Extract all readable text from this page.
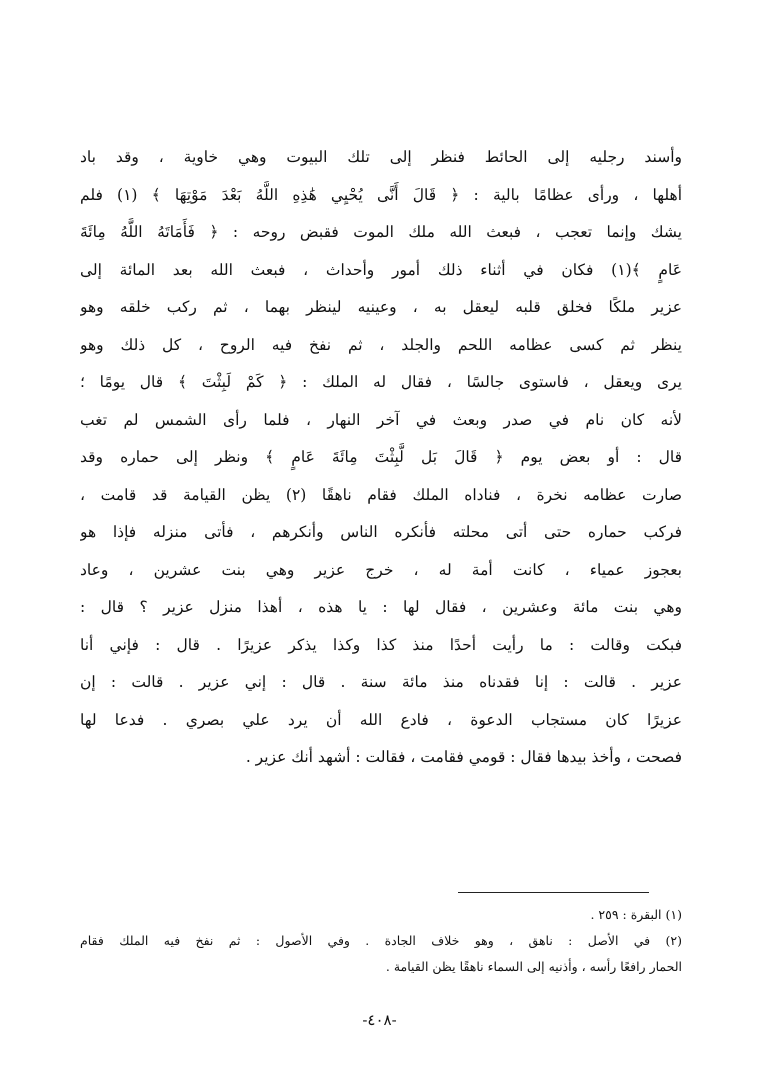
وأسند رجليه إلى الحائط فنظر إلى تلك البيوت وهي خاوية ، وقد باد
أهلها ، ورأى عظامًا بالية : ﴿ قَالَ أَنَّى يُحْيِي هَٰذِهِ اللَّهُ بَعْدَ مَوْتِهَا ﴾ (١) فلم
يشك وإنما تعجب ، فبعث الله ملك الموت فقبض روحه : ﴿ فَأَمَاتَهُ اللَّهُ مِائَةَ
عَامٍ ﴾(١) فكان في أثناء ذلك أمور وأحداث ، فبعث الله بعد المائة إلى
عزير ملكًا فخلق قلبه ليعقل به ، وعينيه لينظر بهما ، ثم ركب خلقه وهو
ينظر ثم كسى عظامه اللحم والجلد ، ثم نفخ فيه الروح ، كل ذلك وهو
يرى ويعقل ، فاستوى جالسًا ، فقال له الملك : ﴿ كَمْ لَبِثْتَ ﴾ قال يومًا ؛
لأنه كان نام في صدر وبعث في آخر النهار ، فلما رأى الشمس لم تغب
قال : أو بعض يوم ﴿ قَالَ بَل لَّبِثْتَ مِائَةَ عَامٍ ﴾ ونظر إلى حماره وقد
صارت عظامه نخرة ، فناداه الملك فقام ناهقًا (٢) يظن القيامة قد قامت ،
فركب حماره حتى أتى محلته فأنكره الناس وأنكرهم ، فأتى منزله فإذا هو
بعجوز عمياء ، كانت أمة له ، خرج عزير وهي بنت عشرين ، وعاد
وهي بنت مائة وعشرين ، فقال لها : يا هذه ، أهذا منزل عزير ؟ قال :
فبكت وقالت : ما رأيت أحدًا منذ كذا وكذا يذكر عزيرًا . قال : فإني أنا
عزير . قالت : إنا فقدناه منذ مائة سنة . قال : إني عزير . قالت : إن
عزيرًا كان مستجاب الدعوة ، فادع الله أن يرد علي بصري . فدعا لها
فصحت ، وأخذ بيدها فقال : قومي فقامت ، فقالت : أشهد أنك عزير .
(١) البقرة : ٢٥٩ .
(٢) في الأصل : ناهق ، وهو خلاف الجادة . وفي الأصول : ثم نفخ فيه الملك فقام
الحمار رافعًا رأسه ، وأذنيه إلى السماء ناهقًا يظن القيامة .
-٤٠٨-
